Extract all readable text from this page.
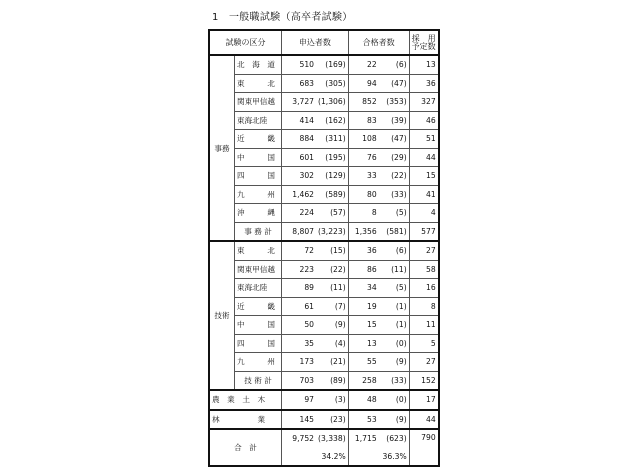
1　一般職試験（高卒者試験）
試験の区分		申込者数		合格者数		採　用
予定数

事務	北　海　道	510	(169)	22	(6)	13
	東　　　北	683	(305)	94	(47)	36
	関東甲信越	3,727	(1,306)	852	(353)	327
	東海北陸	414	(162)	83	(39)	46
	近　　　畿	884	(311)	108	(47)	51
	中　　　国	601	(195)	76	(29)	44
	四　　　国	302	(129)	33	(22)	15
	九　　　州	1,462	(589)	80	(33)	41
	沖　　　縄	224	(57)	8	(5)	4
	事 務 計	8,807	(3,223)	1,356	(581)	577
技術	東　　　北	72	(15)	36	(6)	27
	関東甲信越	223	(22)	86	(11)	58
	東海北陸	89	(11)	34	(5)	16
	近　　　畿	61	(7)	19	(1)	8
	中　　　国	50	(9)	15	(1)	11
	四　　　国	35	(4)	13	(0)	5
	九　　　州	173	(21)	55	(9)	27
	技 術 計	703	(89)	258	(33)	152
農　業　土　木		97	(3)	48	(0)	17
林　　　　　業		145	(23)	53	(9)	44
合　計		9,752	(3,338)	1,715	(623)	790
		34.2%		36.3%		
